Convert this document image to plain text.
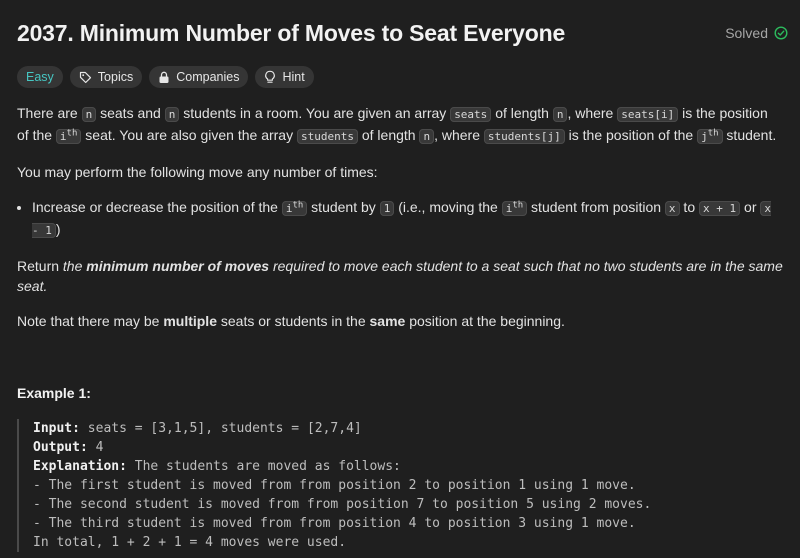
2037. Minimum Number of Moves to Seat Everyone	Solved
Easy	Topics	Companies	Hint

There are n seats and n students in a room. You are given an array seats of length n , where seats[i] is the position of the $i^{th}$ seat. You are also given the array students of length n , where students[j] is the position of the $j^{th}$ student.

You may perform the following move any number of times:

• Increase or decrease the position of the $i^{th}$ student by 1 (i.e., moving the $i^{th}$ student from position x to x + 1 or x - 1 )

Return the minimum number of moves required to move each student to a seat such that no two students are in the same seat.

Note that there may be multiple seats or students in the same position at the beginning.

Example 1:
Input: seats = [3,1,5], students = [2,7,4]
Output: 4
Explanation: The students are moved as follows:
- The first student is moved from from position 2 to position 1 using 1 move.
- The second student is moved from from position 7 to position 5 using 2 moves.
- The third student is moved from from position 4 to position 3 using 1 move.
In total, 1 + 2 + 1 = 4 moves were used.
